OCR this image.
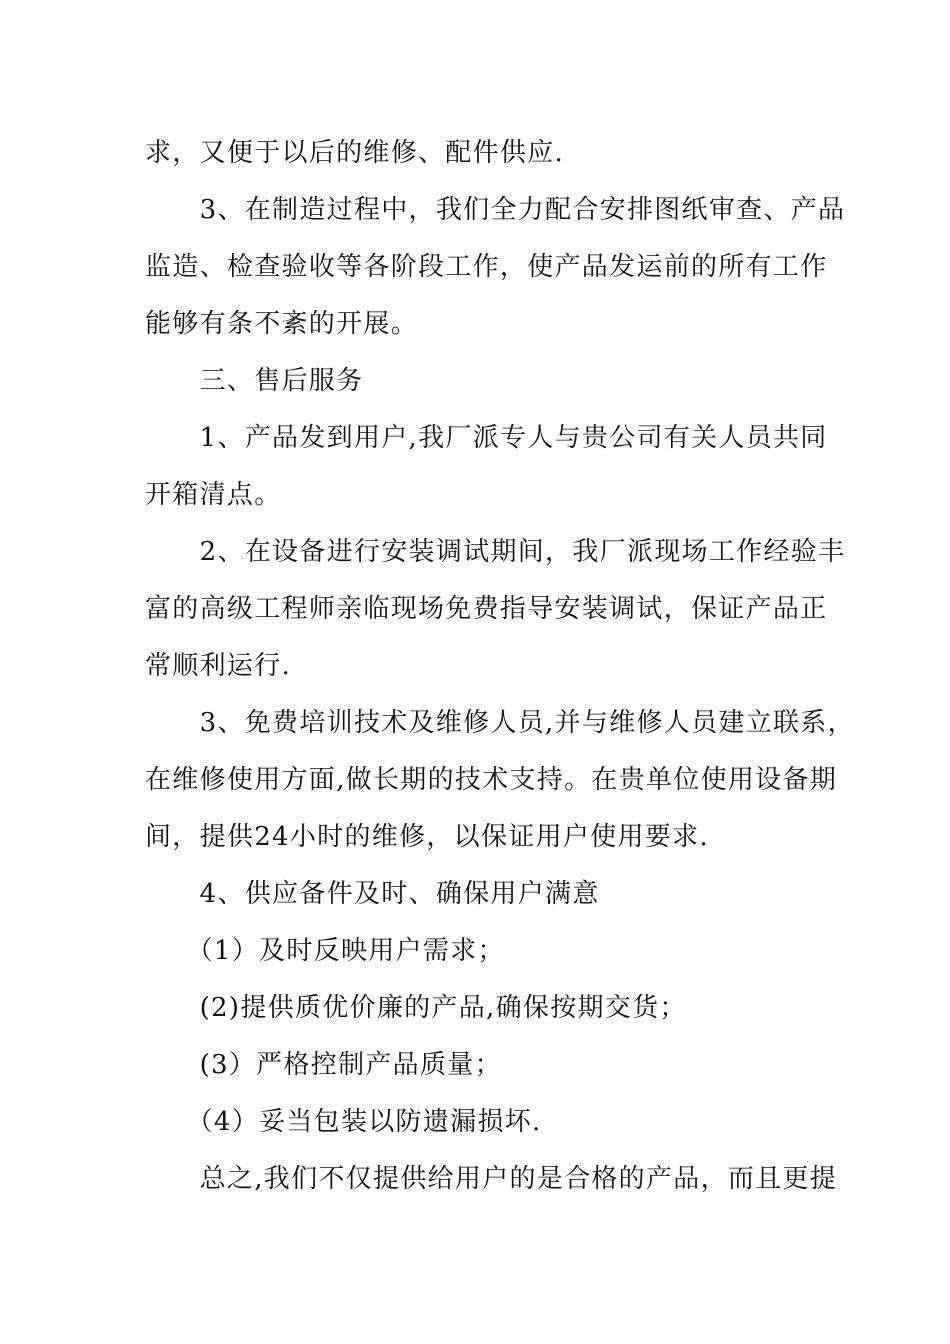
求，又便于以后的维修、配件供应.
　　3、在制造过程中，我们全力配合安排图纸审查、产品
监造、检查验收等各阶段工作，使产品发运前的所有工作
能够有条不紊的开展。
　　三、售后服务
　　1、产品发到用户,我厂派专人与贵公司有关人员共同
开箱清点。
　　2、在设备进行安装调试期间，我厂派现场工作经验丰
富的高级工程师亲临现场免费指导安装调试，保证产品正
常顺利运行.
　　3、免费培训技术及维修人员,并与维修人员建立联系，
在维修使用方面,做长期的技术支持。在贵单位使用设备期
间，提供24小时的维修，以保证用户使用要求.
　　4、供应备件及时、确保用户满意
　　（1）及时反映用户需求；
　　(2)提供质优价廉的产品,确保按期交货；
　　(3）严格控制产品质量；
　　（4）妥当包装以防遗漏损坏.
　　总之,我们不仅提供给用户的是合格的产品，而且更提
